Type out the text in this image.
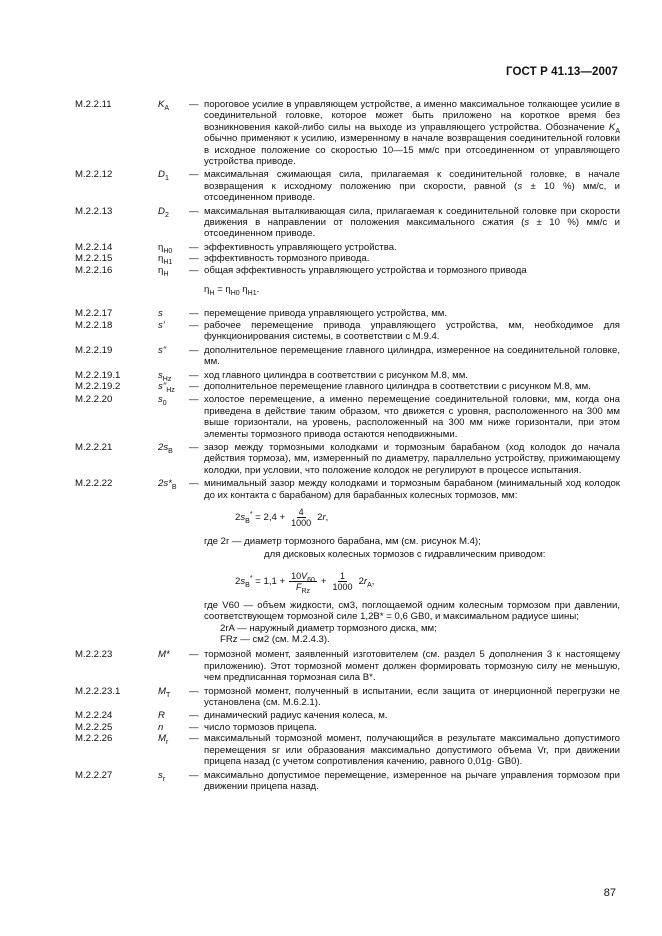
ГОСТ Р 41.13—2007
М.2.2.11	$K_A$	— пороговое усилие в управляющем устройстве, а именно максимальное толкающее усилие в соединительной головке, которое может быть приложено на короткое время без возникновения какой-либо силы на выходе из управляющего устройства. Обозначение $K_A$ обычно применяют к усилию, измеренному в начале возвращения соединительной головки в исходное положение со скоростью 10—15 мм/с при отсоединенном от управляющего устройства приводе.
М.2.2.12	$D_1$	— максимальная сжимающая сила, прилагаемая к соединительной головке, в начале возвращения к исходному положению при скорости, равной (s ± 10 %) мм/с, и отсоединенном приводе.
М.2.2.13	$D_2$	— максимальная выталкивающая сила, прилагаемая к соединительной головке при скорости движения в направлении от положения максимального сжатия (s ± 10 %) мм/с и отсоединенном приводе.
М.2.2.14	$\eta_{H0}$	— эффективность управляющего устройства.
М.2.2.15	$\eta_{H1}$	— эффективность тормозного привода.
М.2.2.16	$\eta_H$	— общая эффективность управляющего устройства и тормозного привода
$\eta_H = \eta_{H0}$ $\eta_{H1}$.
М.2.2.17	s	— перемещение привода управляющего устройства, мм.
М.2.2.18	s'	— рабочее перемещение привода управляющего устройства, мм, необходимое для функционирования системы, в соответствии с М.9.4.
М.2.2.19	s"	— дополнительное перемещение главного цилиндра, измеренное на соединительной головке, мм.
М.2.2.19.1	$s_{Hz}$	— ход главного цилиндра в соответствии с рисунком М.8, мм.
М.2.2.19.2	$s"_{Hz}$	— дополнительное перемещение главного цилиндра в соответствии с рисунком М.8, мм.
М.2.2.20	$s_0$	— холостое перемещение, а именно перемещение соединительной головки, мм, когда она приведена в действие таким образом, что движется с уровня, расположенного на 300 мм выше горизонтали, на уровень, расположенный на 300 мм ниже горизонтали, при этом элементы тормозного привода остаются неподвижными.
М.2.2.21	$2s_B$	— зазор между тормозными колодками и тормозным барабаном (ход колодок до начала действия тормоза), мм, измеренный по диаметру, параллельно устройству, прижимающему колодки, при условии, что положение колодок не регулируют в процессе испытания.
М.2.2.22	$2s*_B$	— минимальный зазор между колодками и тормозным барабаном (минимальный ход колодок до их контакта с барабаном) для барабанных колесных тормозов, мм:
$2s_B^* = 2,4 + \frac{4}{1000} 2r$,
где 2r — диаметр тормозного барабана, мм (см. рисунок М.4);
для дисковых колесных тормозов с гидравлическим приводом:
$2s_B^* = 1,1 + \frac{10V_{60}}{F_{Rz}} + \frac{1}{1000} 2r_A$,
где V60 — объем жидкости, см3, поглощаемой одним колесным тормозом при давлении, соответствующем тормозной силе 1,2B* = 0,6 GB0, и максимальном радиусе шины;
2rA — наружный диаметр тормозного диска, мм;
FRz — см2 (см. М.2.4.3).
М.2.2.23	M*	— тормозной момент, заявленный изготовителем (см. раздел 5 дополнения 3 к настоящему приложению). Этот тормозной момент должен формировать тормозную силу не меньшую, чем предписанная тормозная сила B*.
М.2.2.23.1	$M_T$	— тормозной момент, полученный в испытании, если защита от инерционной перегрузки не установлена (см. М.6.2.1).
М.2.2.24	R	— динамический радиус качения колеса, м.
М.2.2.25	n	— число тормозов прицепа.
М.2.2.26	$M_r$	— максимальный тормозной момент, получающийся в результате максимально допустимого перемещения sr или образования максимально допустимого объема Vr, при движении прицепа назад (с учетом сопротивления качению, равного 0,01g· GB0).
М.2.2.27	$s_r$	— максимально допустимое перемещение, измеренное на рычаге управления тормозом при движении прицепа назад.
87
